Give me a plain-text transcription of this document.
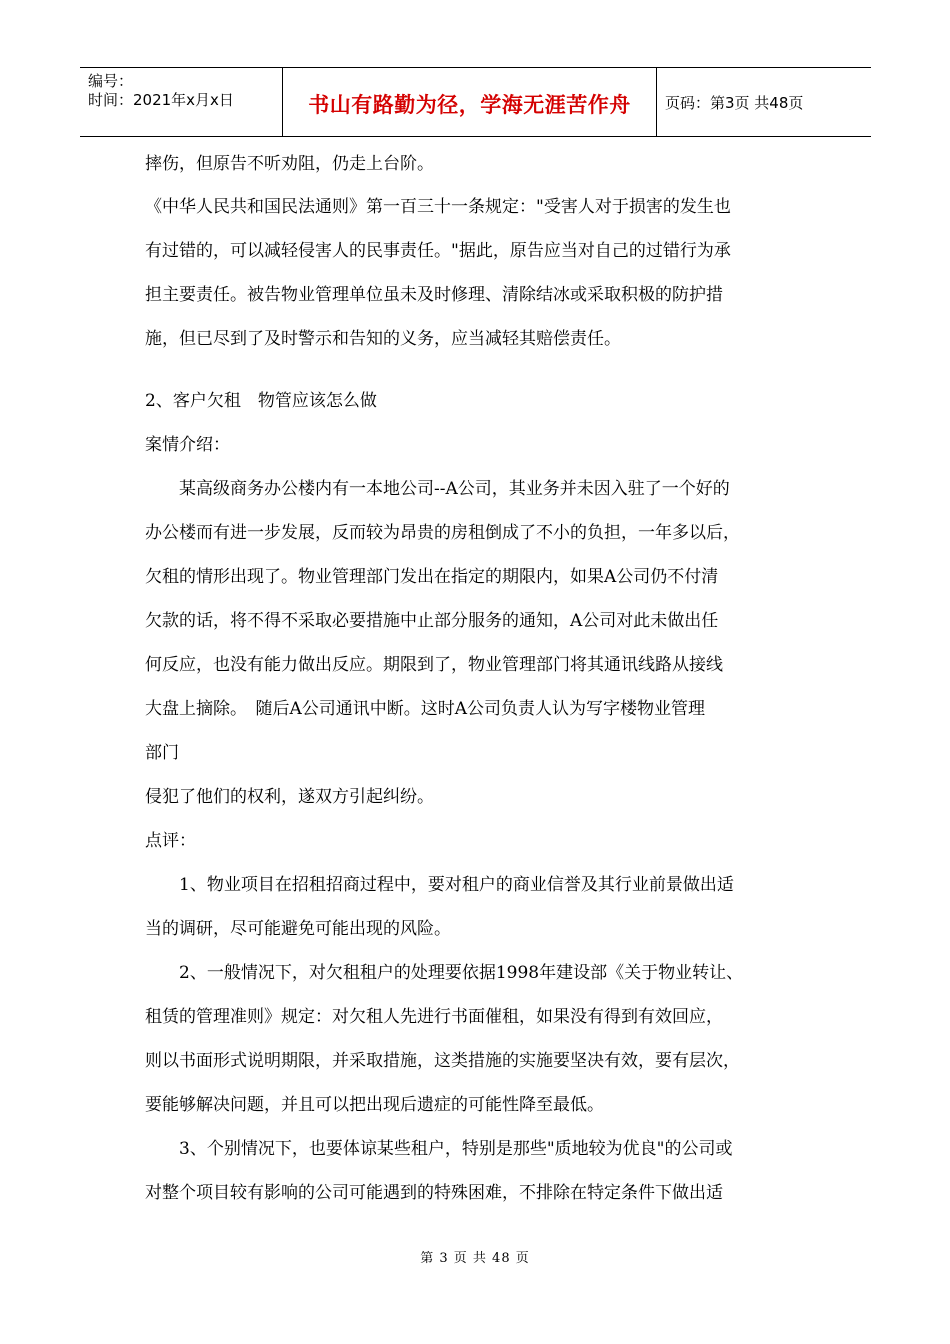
编号：
时间：2021年x月x日	书山有路勤为径，学海无涯苦作舟 页码：第3页 共48页

摔伤，但原告不听劝阻，仍走上台阶。

《中华人民共和国民法通则》第一百三十一条规定："受害人对于损害的发生也

有过错的，可以减轻侵害人的民事责任。"据此，原告应当对自己的过错行为承

担主要责任。被告物业管理单位虽未及时修理、清除结冰或采取积极的防护措

施，但已尽到了及时警示和告知的义务，应当减轻其赔偿责任。

2、客户欠租　物管应该怎么做

案情介绍：

某高级商务办公楼内有一本地公司--A公司，其业务并未因入驻了一个好的

办公楼而有进一步发展，反而较为昂贵的房租倒成了不小的负担，一年多以后，

欠租的情形出现了。物业管理部门发出在指定的期限内，如果A公司仍不付清

欠款的话，将不得不采取必要措施中止部分服务的通知，A公司对此未做出任

何反应，也没有能力做出反应。期限到了，物业管理部门将其通讯线路从接线

大盘上摘除。　随后A公司通讯中断。这时A公司负责人认为写字楼物业管理

部门

侵犯了他们的权利，遂双方引起纠纷。

点评：

1、物业项目在招租招商过程中，要对租户的商业信誉及其行业前景做出适

当的调研，尽可能避免可能出现的风险。

2、一般情况下，对欠租租户的处理要依据1998年建设部《关于物业转让、

租赁的管理准则》规定：对欠租人先进行书面催租，如果没有得到有效回应，

则以书面形式说明期限，并采取措施，这类措施的实施要坚决有效，要有层次，

要能够解决问题，并且可以把出现后遗症的可能性降至最低。

3、个别情况下，也要体谅某些租户，特别是那些"质地较为优良"的公司或

对整个项目较有影响的公司可能遇到的特殊困难，不排除在特定条件下做出适

第 3 页 共 48 页
